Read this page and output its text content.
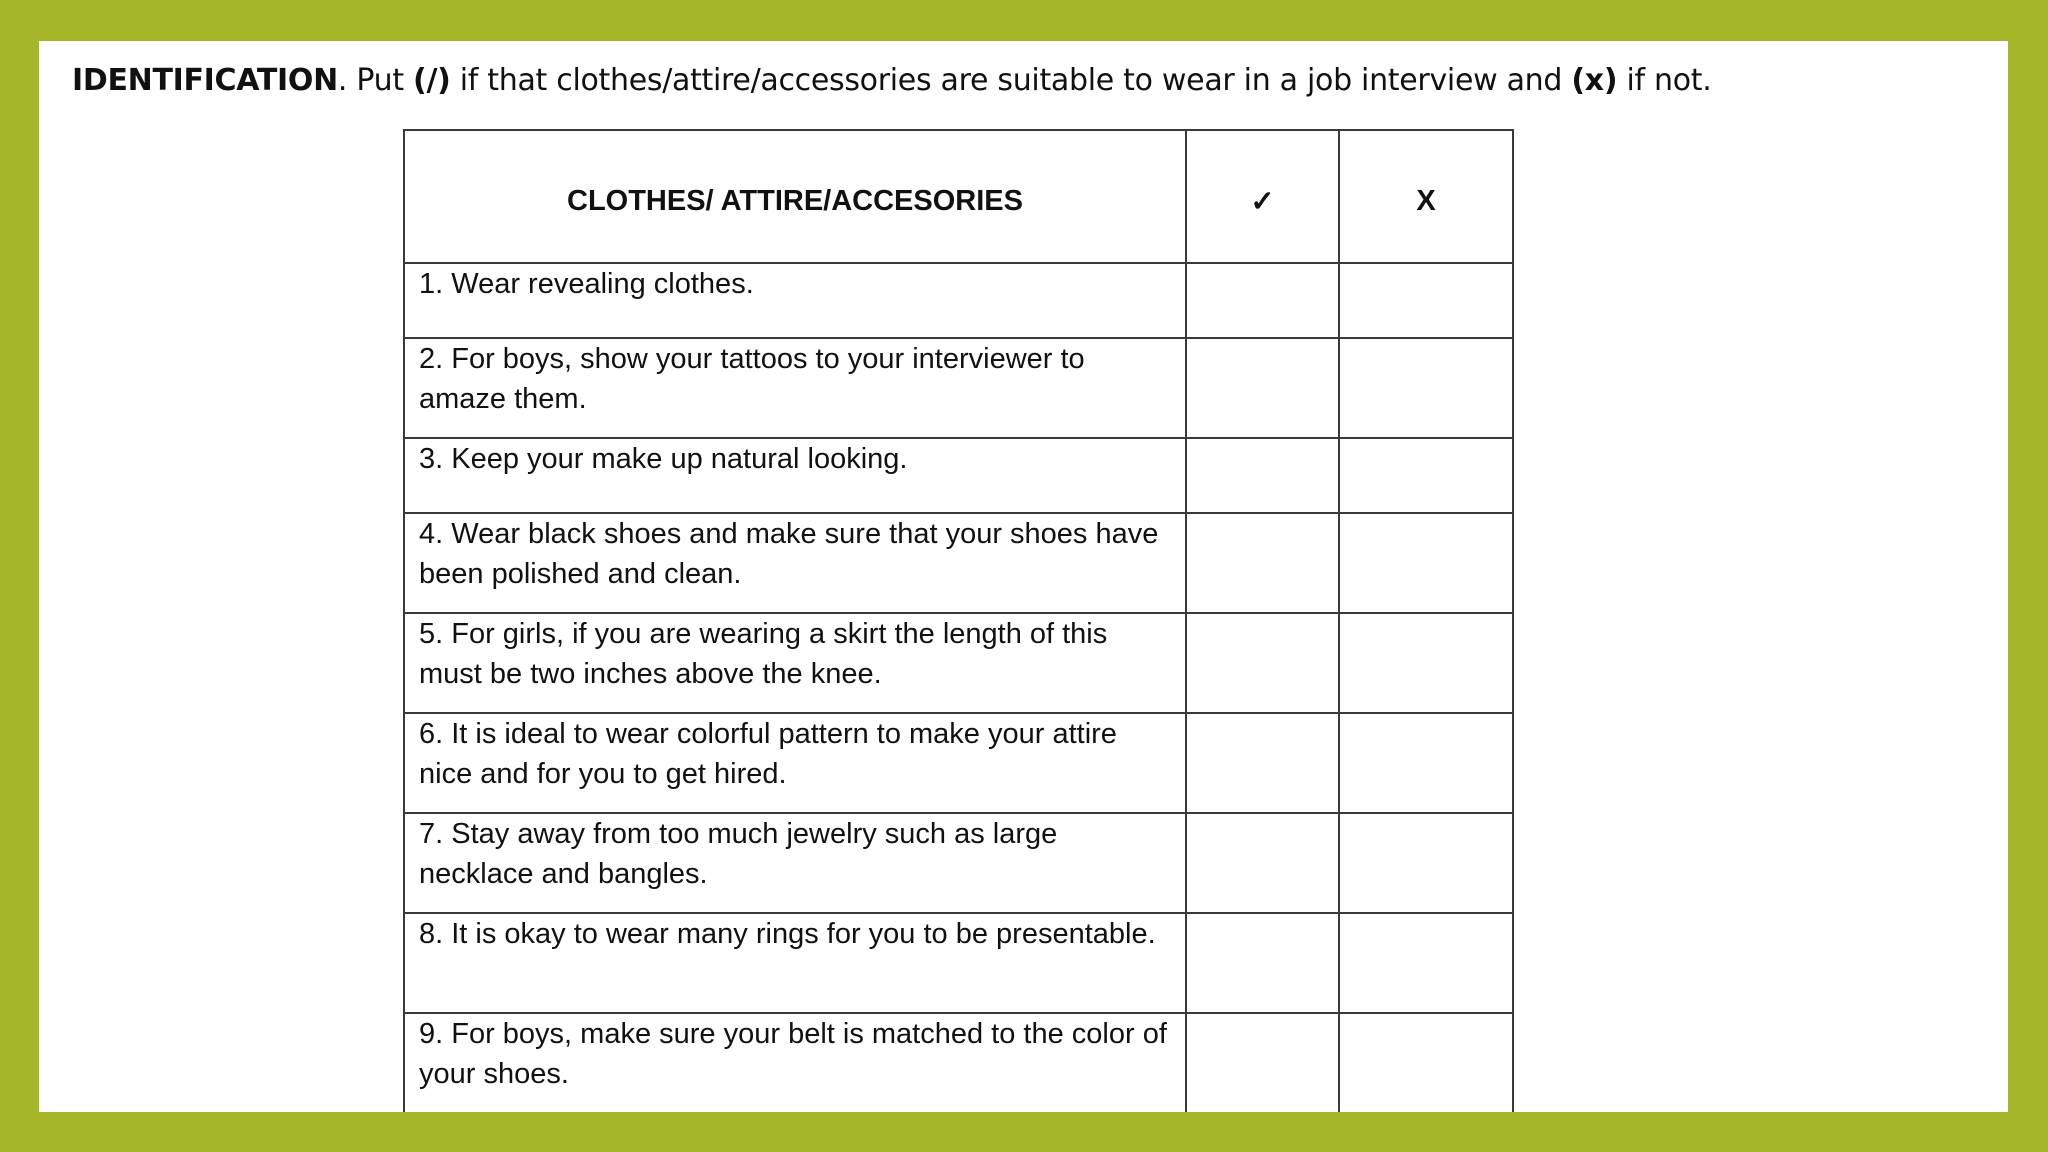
IDENTIFICATION. Put (/) if that clothes/attire/accessories are suitable to wear in a job interview and (x) if not.
CLOTHES/ ATTIRE/ACCESORIES	✓	X
1. Wear revealing clothes.		
2. For boys, show your tattoos to your interviewer to amaze them.		
3. Keep your make up natural looking.		
4. Wear black shoes and make sure that your shoes have been polished and clean.		
5. For girls, if you are wearing a skirt the length of this must be two inches above the knee.		
6. It is ideal to wear colorful pattern to make your attire nice and for you to get hired.		
7. Stay away from too much jewelry such as large necklace and bangles.		
8. It is okay to wear many rings for you to be presentable.		
9. For boys, make sure your belt is matched to the color of your shoes.		
